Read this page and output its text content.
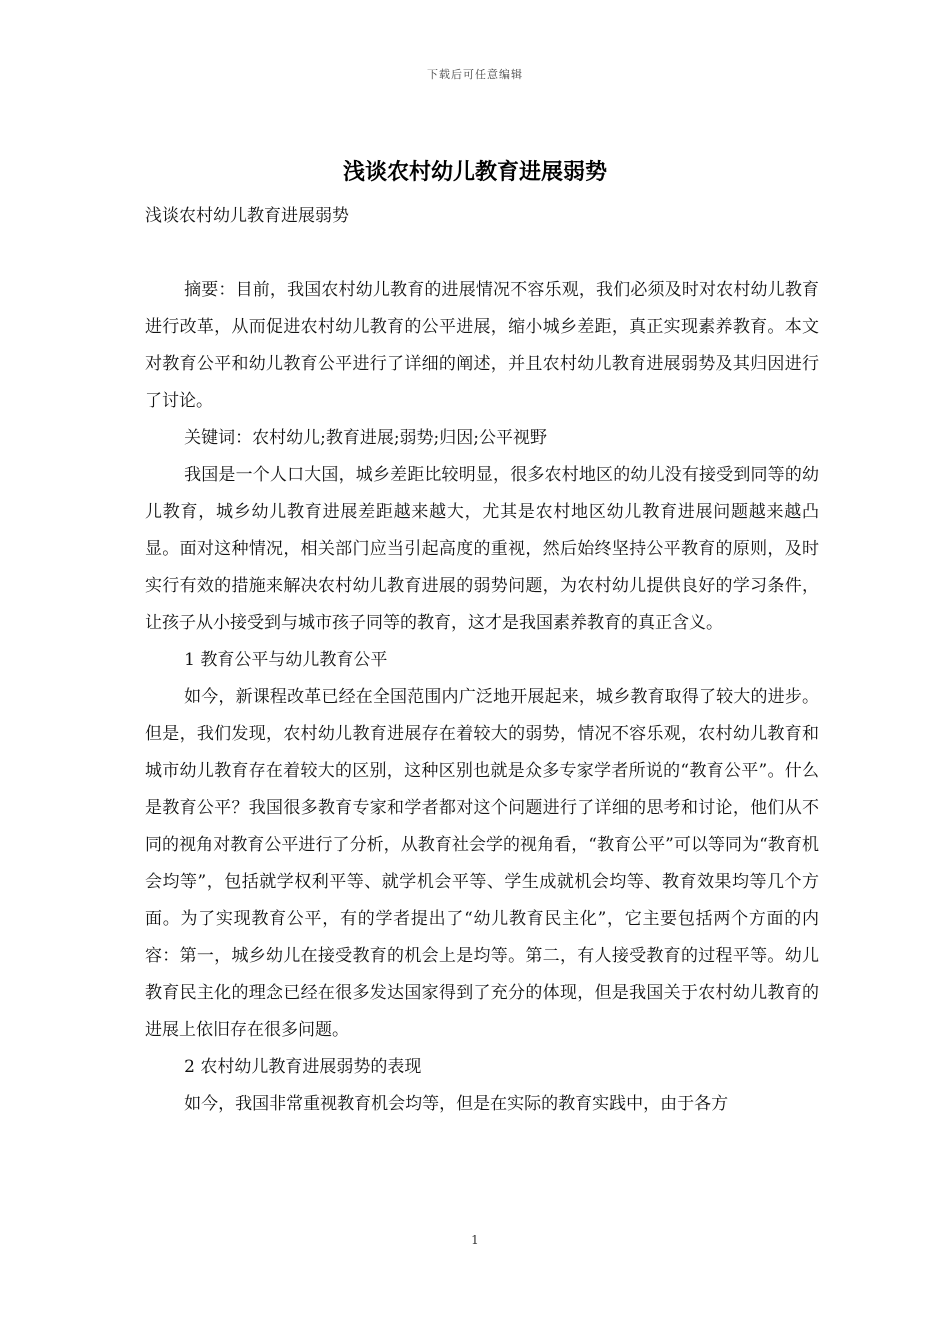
下载后可任意编辑
浅谈农村幼儿教育进展弱势

浅谈农村幼儿教育进展弱势

摘要：目前，我国农村幼儿教育的进展情况不容乐观，我们必须及时对农村幼儿教育进行改革，从而促进农村幼儿教育的公平进展，缩小城乡差距，真正实现素养教育。本文对教育公平和幼儿教育公平进行了详细的阐述，并且农村幼儿教育进展弱势及其归因进行了讨论。

关键词：农村幼儿;教育进展;弱势;归因;公平视野

我国是一个人口大国，城乡差距比较明显，很多农村地区的幼儿没有接受到同等的幼儿教育，城乡幼儿教育进展差距越来越大，尤其是农村地区幼儿教育进展问题越来越凸显。面对这种情况，相关部门应当引起高度的重视，然后始终坚持公平教育的原则，及时实行有效的措施来解决农村幼儿教育进展的弱势问题，为农村幼儿提供良好的学习条件，让孩子从小接受到与城市孩子同等的教育，这才是我国素养教育的真正含义。

1 教育公平与幼儿教育公平

如今，新课程改革已经在全国范围内广泛地开展起来，城乡教育取得了较大的进步。但是，我们发现，农村幼儿教育进展存在着较大的弱势，情况不容乐观，农村幼儿教育和城市幼儿教育存在着较大的区别，这种区别也就是众多专家学者所说的“教育公平”。什么是教育公平？我国很多教育专家和学者都对这个问题进行了详细的思考和讨论，他们从不同的视角对教育公平进行了分析，从教育社会学的视角看，“教育公平”可以等同为“教育机会均等”，包括就学权利平等、就学机会平等、学生成就机会均等、教育效果均等几个方面。为了实现教育公平，有的学者提出了“幼儿教育民主化”，它主要包括两个方面的内容：第一，城乡幼儿在接受教育的机会上是均等。第二，有人接受教育的过程平等。幼儿教育民主化的理念已经在很多发达国家得到了充分的体现，但是我国关于农村幼儿教育的进展上依旧存在很多问题。

2 农村幼儿教育进展弱势的表现

如今，我国非常重视教育机会均等，但是在实际的教育实践中，由于各方

1
